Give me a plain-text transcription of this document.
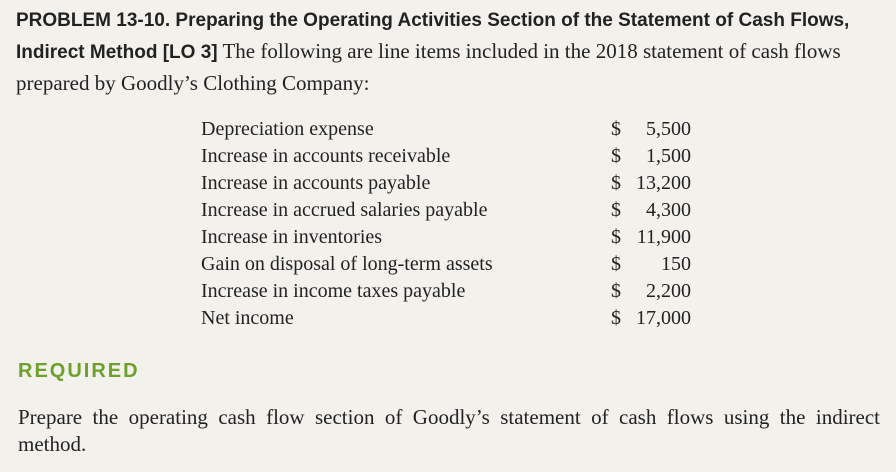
PROBLEM 13-10. Preparing the Operating Activities Section of the Statement of Cash Flows, Indirect Method [LO 3] The following are line items included in the 2018 statement of cash flows prepared by Goodly’s Clothing Company:
Depreciation expense	$ 5,500
Increase in accounts receivable	$ 1,500
Increase in accounts payable	$ 13,200
Increase in accrued salaries payable	$ 4,300
Increase in inventories	$ 11,900
Gain on disposal of long-term assets	$ 150
Increase in income taxes payable	$ 2,200
Net income	$ 17,000
REQUIRED
Prepare the operating cash flow section of Goodly’s statement of cash flows using the indirect method.
